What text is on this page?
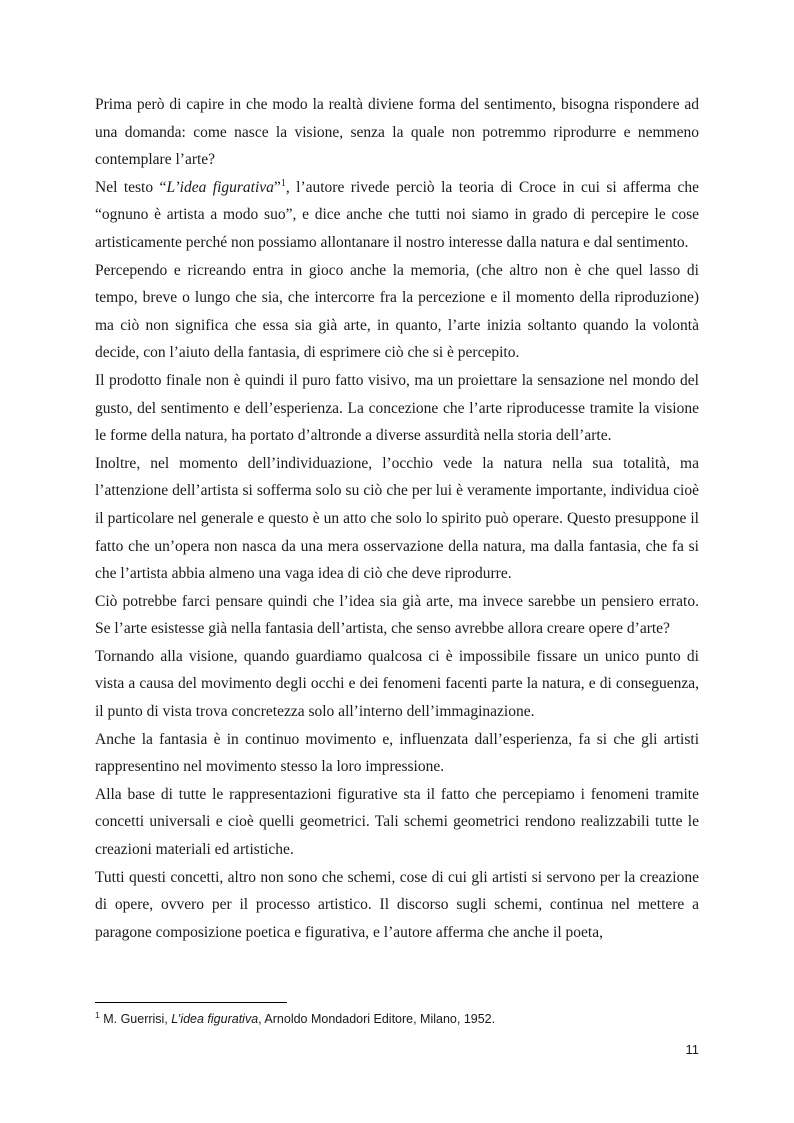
Prima però di capire in che modo la realtà diviene forma del sentimento, bisogna rispondere ad una domanda: come nasce la visione, senza la quale non potremmo riprodurre e nemmeno contemplare l’arte?

Nel testo “L’idea figurativa”$^1$, l’autore rivede perciò la teoria di Croce in cui si afferma che “ognuno è artista a modo suo”, e dice anche che tutti noi siamo in grado di percepire le cose artisticamente perché non possiamo allontanare il nostro interesse dalla natura e dal sentimento.

Percependo e ricreando entra in gioco anche la memoria, (che altro non è che quel lasso di tempo, breve o lungo che sia, che intercorre fra la percezione e il momento della riproduzione) ma ciò non significa che essa sia già arte, in quanto, l’arte inizia soltanto quando la volontà decide, con l’aiuto della fantasia, di esprimere ciò che si è percepito.

Il prodotto finale non è quindi il puro fatto visivo, ma un proiettare la sensazione nel mondo del gusto, del sentimento e dell’esperienza. La concezione che l’arte riproducesse tramite la visione le forme della natura, ha portato d’altronde a diverse assurdità nella storia dell’arte.

Inoltre, nel momento dell’individuazione, l’occhio vede la natura nella sua totalità, ma l’attenzione dell’artista si sofferma solo su ciò che per lui è veramente importante, individua cioè il particolare nel generale e questo è un atto che solo lo spirito può operare. Questo presuppone il fatto che un’opera non nasca da una mera osservazione della natura, ma dalla fantasia, che fa si che l’artista abbia almeno una vaga idea di ciò che deve riprodurre.

Ciò potrebbe farci pensare quindi che l’idea sia già arte, ma invece sarebbe un pensiero errato. Se l’arte esistesse già nella fantasia dell’artista, che senso avrebbe allora creare opere d’arte?

Tornando alla visione, quando guardiamo qualcosa ci è impossibile fissare un unico punto di vista a causa del movimento degli occhi e dei fenomeni facenti parte la natura, e di conseguenza, il punto di vista trova concretezza solo all’interno dell’immaginazione.

Anche la fantasia è in continuo movimento e, influenzata dall’esperienza, fa si che gli artisti rappresentino nel movimento stesso la loro impressione.

Alla base di tutte le rappresentazioni figurative sta il fatto che percepiamo i fenomeni tramite concetti universali e cioè quelli geometrici. Tali schemi geometrici rendono realizzabili tutte le creazioni materiali ed artistiche.

Tutti questi concetti, altro non sono che schemi, cose di cui gli artisti si servono per la creazione di opere, ovvero per il processo artistico. Il discorso sugli schemi, continua nel mettere a paragone composizione poetica e figurativa, e l’autore afferma che anche il poeta,

$^1$ M. Guerrisi, L’idea figurativa, Arnoldo Mondadori Editore, Milano, 1952.
11
